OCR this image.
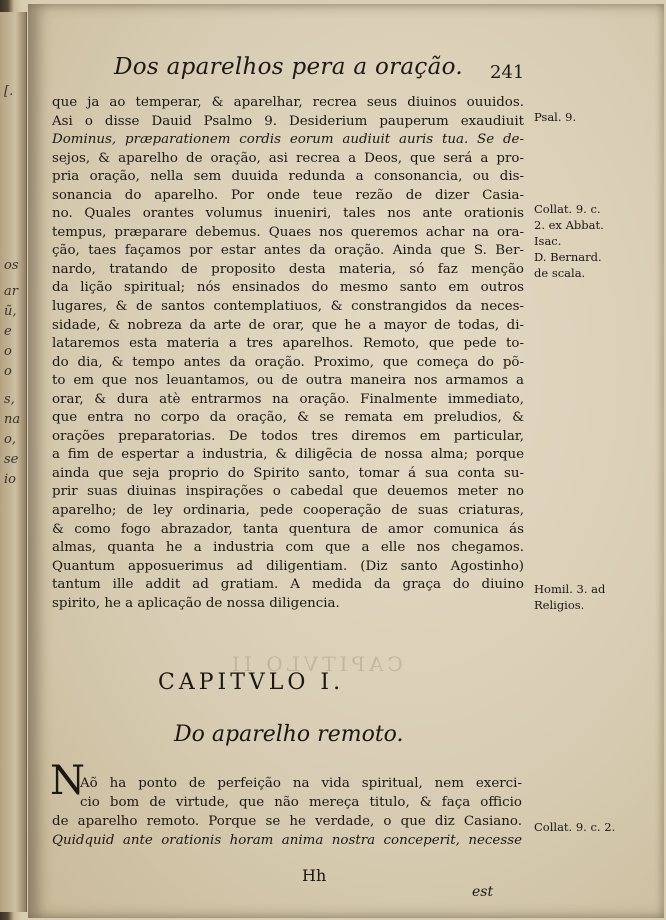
[.
os
ar
ũ,
e
o
o
s,
na
o,
se
io
CAPITVLO II
Dos aparelhos pera a oração. 241
que ja ao temperar, & aparelhar, recrea seus diuinos ouuidos.
Asi o disse Dauid Psalmo 9. Desiderium pauperum exaudiuit
Dominus, præparationem cordis eorum audiuit auris tua. Se de-
sejos, & aparelho de oração, asi recrea a Deos, que será a pro-
pria oração, nella sem duuida redunda a consonancia, ou dis-
sonancia do aparelho. Por onde teue rezão de dizer Casia-
no. Quales orantes volumus inueniri, tales nos ante orationis
tempus, præparare debemus. Quaes nos queremos achar na ora-
ção, taes façamos por estar antes da oração. Ainda que S. Ber-
nardo, tratando de proposito desta materia, só faz menção
da lição spiritual; nós ensinados do mesmo santo em outros
lugares, & de santos contemplatiuos, & constrangidos da neces-
sidade, & nobreza da arte de orar, que he a mayor de todas, di-
lataremos esta materia a tres aparelhos. Remoto, que pede to-
do dia, & tempo antes da oração. Proximo, que começa do põ-
to em que nos leuantamos, ou de outra maneira nos armamos a
orar, & dura atè entrarmos na oração. Finalmente immediato,
que entra no corpo da oração, & se remata em preludios, &
orações preparatorias. De todos tres diremos em particular,
a fim de espertar a industria, & diligẽcia de nossa alma; porque
ainda que seja proprio do Spirito santo, tomar á sua conta su-
prir suas diuinas inspirações o cabedal que deuemos meter no
aparelho; de ley ordinaria, pede cooperação de suas criaturas,
& como fogo abrazador, tanta quentura de amor comunica ás
almas, quanta he a industria com que a elle nos chegamos.
Quantum apposuerimus ad diligentiam. (Diz santo Agostinho)
tantum ille addit ad gratiam. A medida da graça do diuino
spirito, he a aplicação de nossa diligencia.
Psal. 9.
Collat. 9. c.
2. ex Abbat.
Isac.
D. Bernard.
de scala.
Homil. 3. ad
Religios.
Collat. 9. c. 2.
CAPITVLO I.
Do aparelho remoto.
N
Aõ ha ponto de perfeição na vida spiritual, nem exerci-
cio bom de virtude, que não mereça titulo, & faça officio
de aparelho remoto. Porque se he verdade, o que diz Casiano.
Quidquid ante orationis horam anima nostra conceperit, necesse
Hh
est
